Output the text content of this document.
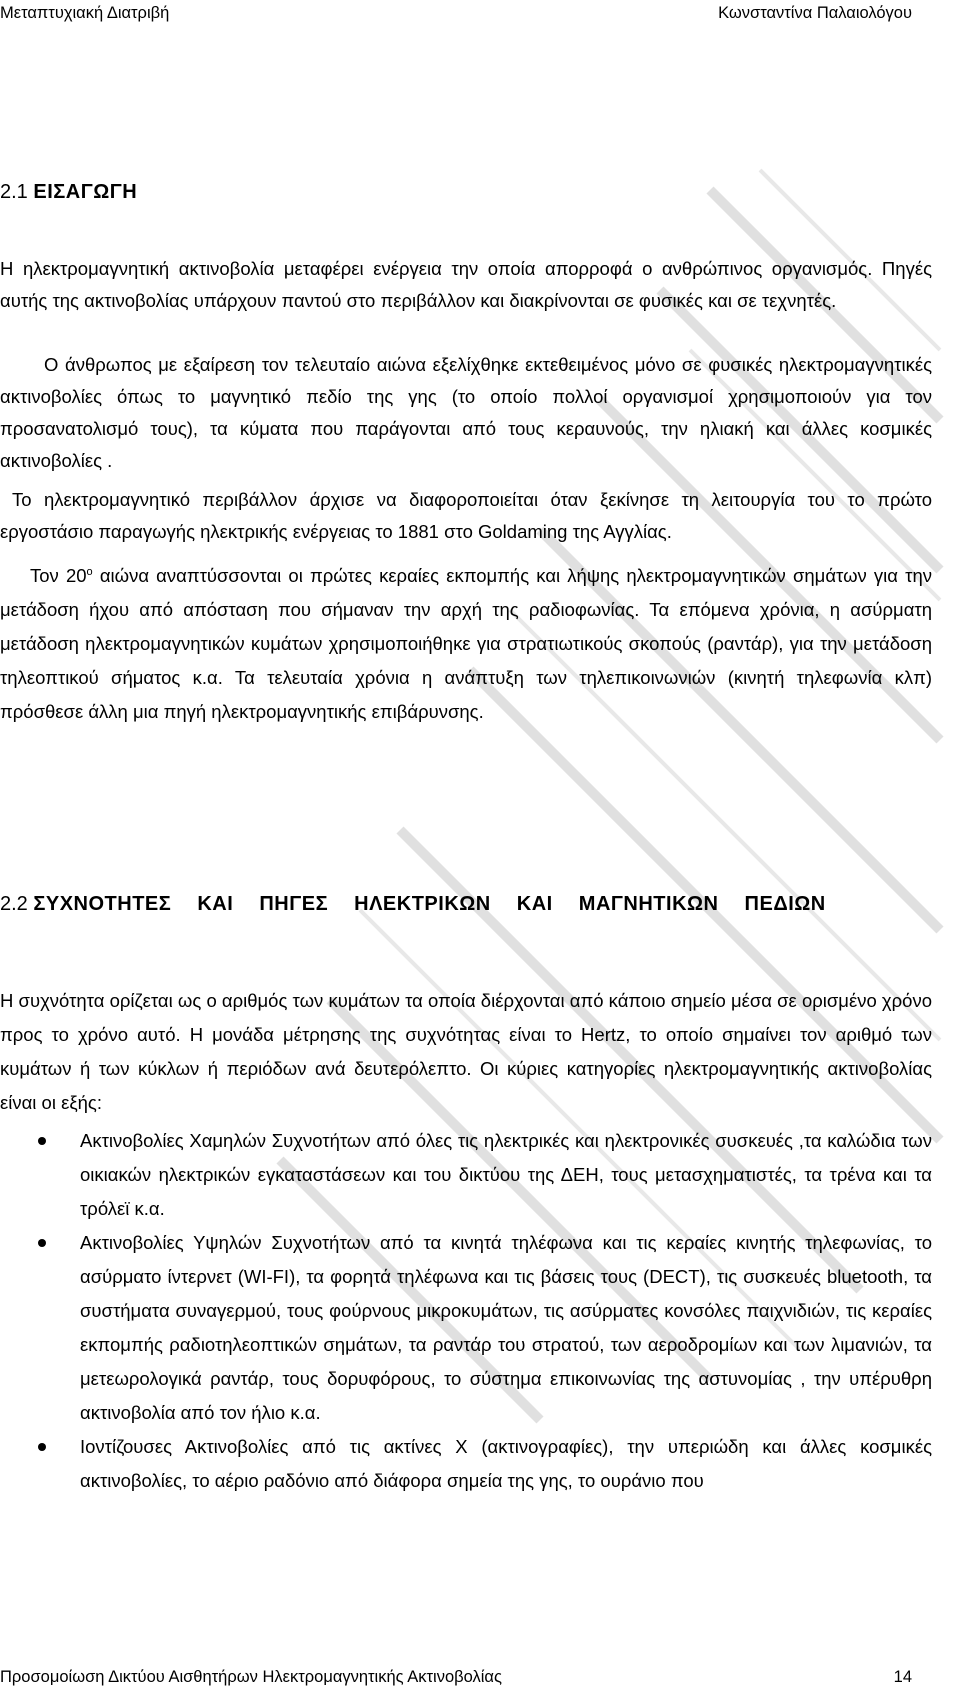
Μεταπτυχιακή Διατριβή	Κωνσταντίνα Παλαιολόγου
2.1 ΕΙΣΑΓΩΓΗ

Η ηλεκτρομαγνητική ακτινοβολία μεταφέρει ενέργεια την οποία απορροφά ο ανθρώπινος οργανισμός. Πηγές αυτής της ακτινοβολίας υπάρχουν παντού στο περιβάλλον και διακρίνονται σε φυσικές και σε τεχνητές.

Ο άνθρωπος με εξαίρεση τον τελευταίο αιώνα εξελίχθηκε εκτεθειμένος μόνο σε φυσικές ηλεκτρομαγνητικές ακτινοβολίες όπως το μαγνητικό πεδίο της γης (το οποίο πολλοί οργανισμοί χρησιμοποιούν για τον προσανατολισμό τους), τα κύματα που παράγονται από τους κεραυνούς, την ηλιακή και άλλες κοσμικές ακτινοβολίες .

Το ηλεκτρομαγνητικό περιβάλλον άρχισε να διαφοροποιείται όταν ξεκίνησε τη λειτουργία του το πρώτο εργοστάσιο παραγωγής ηλεκτρικής ενέργειας το 1881 στο Goldaming της Αγγλίας.

Τον $20^o$ αιώνα αναπτύσσονται οι πρώτες κεραίες εκπομπής και λήψης ηλεκτρομαγνητικών σημάτων για την μετάδοση ήχου από απόσταση που σήμαναν την αρχή της ραδιοφωνίας. Τα επόμενα χρόνια, η ασύρματη μετάδοση ηλεκτρομαγνητικών κυμάτων χρησιμοποιήθηκε για στρατιωτικούς σκοπούς (ραντάρ), για την μετάδοση τηλεοπτικού σήματος κ.α. Τα τελευταία χρόνια η ανάπτυξη των τηλεπικοινωνιών (κινητή τηλεφωνία κλπ) πρόσθεσε άλλη μια πηγή ηλεκτρομαγνητικής επιβάρυνσης.

2.2 ΣΥΧΝΟΤΗΤΕΣ ΚΑΙ ΠΗΓΕΣ ΗΛΕΚΤΡΙΚΩΝ ΚΑΙ ΜΑΓΝΗΤΙΚΩΝ ΠΕΔΙΩΝ

Η συχνότητα ορίζεται ως ο αριθμός των κυμάτων τα οποία διέρχονται από κάποιο σημείο μέσα σε ορισμένο χρόνο προς το χρόνο αυτό. Η μονάδα μέτρησης της συχνότητας είναι το Hertz, το οποίο σημαίνει τον αριθμό των κυμάτων ή των κύκλων ή περιόδων ανά δευτερόλεπτο. Οι κύριες κατηγορίες ηλεκτρομαγνητικής ακτινοβολίας είναι οι εξής:

Ακτινοβολίες Χαμηλών Συχνοτήτων από όλες τις ηλεκτρικές και ηλεκτρονικές συσκευές ,τα καλώδια των οικιακών ηλεκτρικών εγκαταστάσεων και του δικτύου της ΔΕΗ, τους μετασχηματιστές, τα τρένα και τα τρόλεϊ κ.α.
Ακτινοβολίες Υψηλών Συχνοτήτων από τα κινητά τηλέφωνα και τις κεραίες κινητής τηλεφωνίας, το ασύρματο ίντερνετ (WI-FI), τα φορητά τηλέφωνα και τις βάσεις τους (DECT), τις συσκευές bluetooth, τα συστήματα συναγερμού, τους φούρνους μικροκυμάτων, τις ασύρματες κονσόλες παιχνιδιών, τις κεραίες εκπομπής ραδιοτηλεοπτικών σημάτων, τα ραντάρ του στρατού, των αεροδρομίων και των λιμανιών, τα μετεωρολογικά ραντάρ, τους δορυφόρους, το σύστημα επικοινωνίας της αστυνομίας , την υπέρυθρη ακτινοβολία από τον ήλιο κ.α.
Ιοντίζουσες Ακτινοβολίες από τις ακτίνες Χ (ακτινογραφίες), την υπεριώδη και άλλες κοσμικές ακτινοβολίες, το αέριο ραδόνιο από διάφορα σημεία της γης, το ουράνιο που
Προσομοίωση Δικτύου Αισθητήρων Ηλεκτρομαγνητικής Ακτινοβολίας	14
